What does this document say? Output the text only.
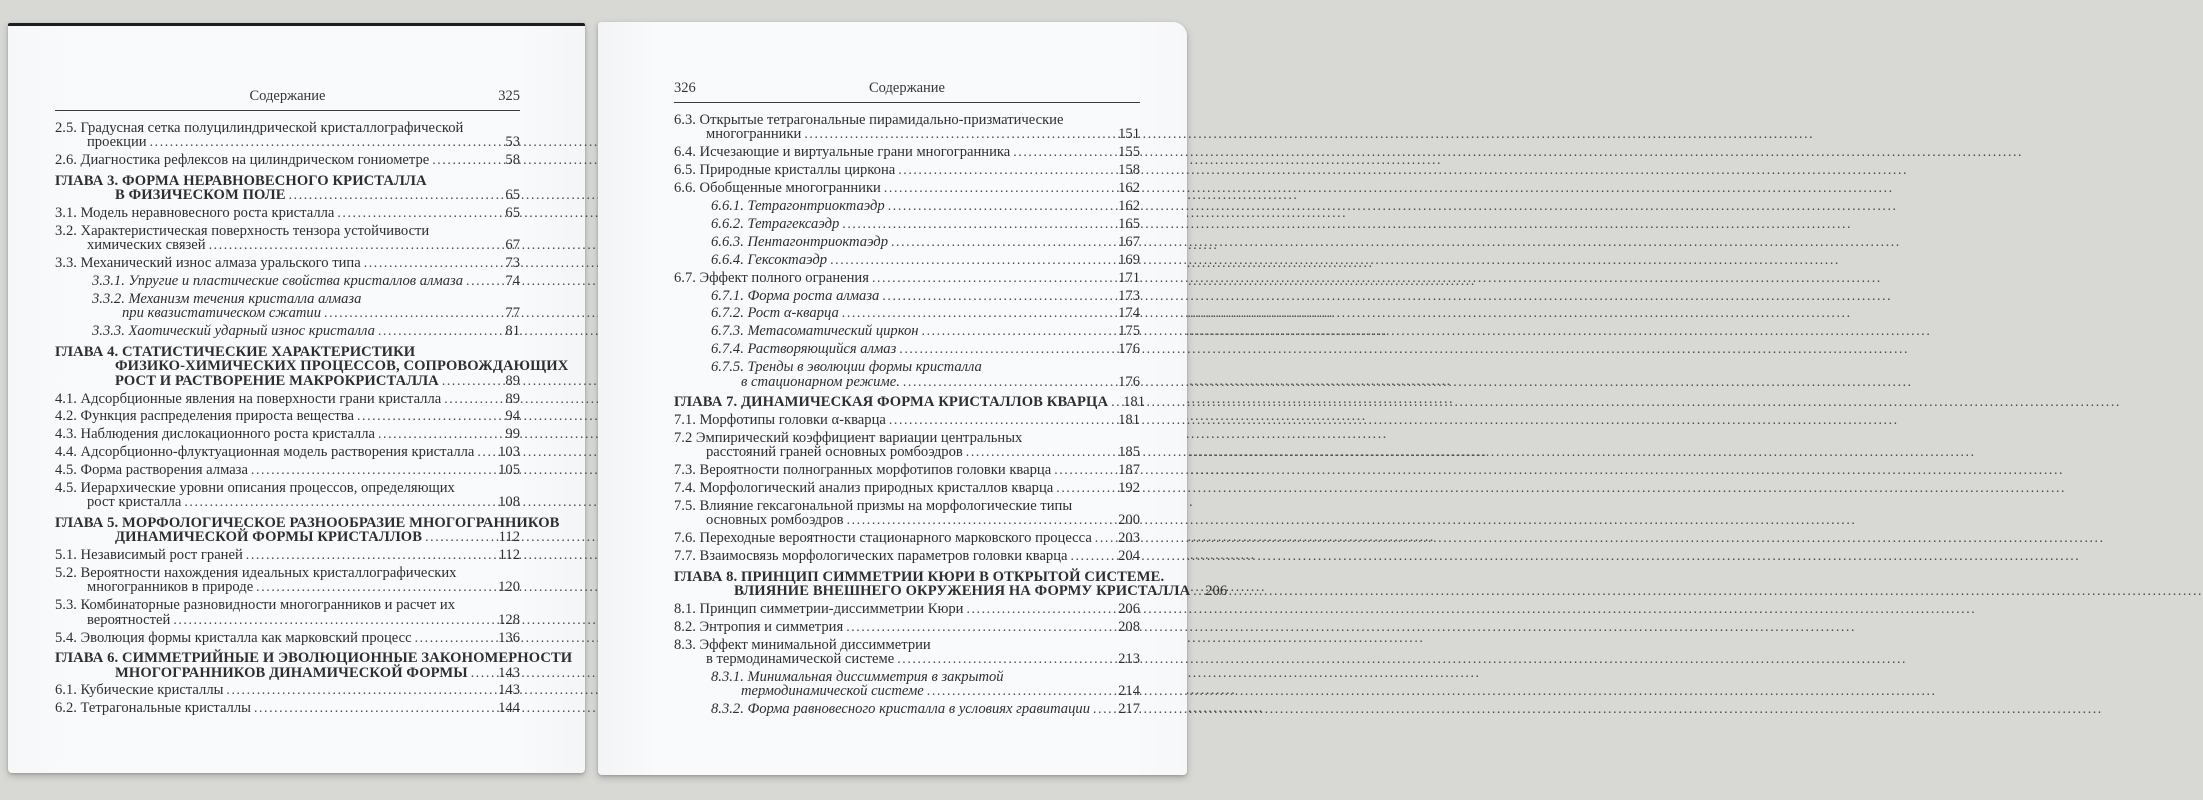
Содержание	325
2.5. Градусная сетка полуцилиндрической кристаллографической
проекции .....	53
2.6. Диагностика рефлексов на цилиндрическом гониометре .....	58
ГЛАВА 3. ФОРМА НЕРАВНОВЕСНОГО КРИСТАЛЛА
В ФИЗИЧЕСКОМ ПОЛЕ .....	65
3.1. Модель неравновесного роста кристалла .....	65
3.2. Характеристическая поверхность тензора устойчивости
химических связей .....	67
3.3. Механический износ алмаза уральского типа .....	73
3.3.1. Упругие и пластические свойства кристаллов алмаза .....	74
3.3.2. Механизм течения кристалла алмаза
при квазистатическом сжатии .....	77
3.3.3. Хаотический ударный износ кристалла .....	81
ГЛАВА 4. СТАТИСТИЧЕСКИЕ ХАРАКТЕРИСТИКИ
ФИЗИКО-ХИМИЧЕСКИХ ПРОЦЕССОВ, СОПРОВОЖДАЮЩИХ
РОСТ И РАСТВОРЕНИЕ МАКРОКРИСТАЛЛА .....	89
4.1. Адсорбционные явления на поверхности грани кристалла .....	89
4.2. Функция распределения прироста вещества .....	94
4.3. Наблюдения дислокационного роста кристалла .....	99
4.4. Адсорбционно-флуктуационная модель растворения кристалла ..... 103
4.5. Форма растворения алмаза .....	105
4.5. Иерархические уровни описания процессов, определяющих
рост кристалла .....	108
ГЛАВА 5. МОРФОЛОГИЧЕСКОЕ РАЗНООБРАЗИЕ МНОГОГРАННИКОВ
ДИНАМИЧЕСКОЙ ФОРМЫ КРИСТАЛЛОВ .....	112
5.1. Независимый рост граней .....	112
5.2. Вероятности нахождения идеальных кристаллографических
многогранников в природе .....	120
5.3. Комбинаторные разновидности многогранников и расчет их
вероятностей .....	128
5.4. Эволюция формы кристалла как марковский процесс .....	136
ГЛАВА 6. СИММЕТРИЙНЫЕ И ЭВОЛЮЦИОННЫЕ ЗАКОНОМЕРНОСТИ
МНОГОГРАННИКОВ ДИНАМИЧЕСКОЙ ФОРМЫ ..... 143
6.1. Кубические кристаллы .....	143
6.2. Тетрагональные кристаллы .....	144
Содержание
326
6.3. Открытые тетрагональные пирамидально-призматические
многогранники .....	151
6.4. Исчезающие и виртуальные грани многогранника .....	155
6.5. Природные кристаллы циркона .....	158
6.6. Обобщенные многогранники .....	162
6.6.1. Тетрагонтриоктаэдр .....	162
6.6.2. Тетрагексаэдр .....	165
6.6.3. Пентагонтриоктаэдр .....	167
6.6.4. Гексоктаэдр .....	169
6.7. Эффект полного огранения .....	171
6.7.1. Форма роста алмаза .....	173
6.7.2. Рост α-кварца .....	174
6.7.3. Метасоматический циркон .....	175
6.7.4. Растворяющийся алмаз .....	176
6.7.5. Тренды в эволюции формы кристалла
в стационарном режиме. .....	176
ГЛАВА 7. ДИНАМИЧЕСКАЯ ФОРМА КРИСТАЛЛОВ КВАРЦА ..... 181
7.1. Морфотипы головки α-кварца .....	181
7.2 Эмпирический коэффициент вариации центральных
расстояний граней основных ромбоэдров .....	185
7.3. Вероятности полногранных морфотипов головки кварца .....	187
7.4. Морфологический анализ природных кристаллов кварца .....	192
7.5. Влияние гексагональной призмы на морфологические типы
основных ромбоэдров .....	200
7.6. Переходные вероятности стационарного марковского процесса ..... 203
7.7. Взаимосвязь морфологических параметров головки кварца .....	204
ГЛАВА 8. ПРИНЦИП СИММЕТРИИ КЮРИ В ОТКРЫТОЙ СИСТЕМЕ.
ВЛИЯНИЕ ВНЕШНЕГО ОКРУЖЕНИЯ НА ФОРМУ КРИСТАЛЛА ..... 206
8.1. Принцип симметрии-диссимметрии Кюри .....	206
8.2. Энтропия и симметрия .....	208
8.3. Эффект минимальной диссимметрии
в термодинамической системе .....	213
8.3.1. Минимальная диссимметрия в закрытой
термодинамической системе .....	214
8.3.2. Форма равновесного кристалла в условиях гравитации ..... 217
